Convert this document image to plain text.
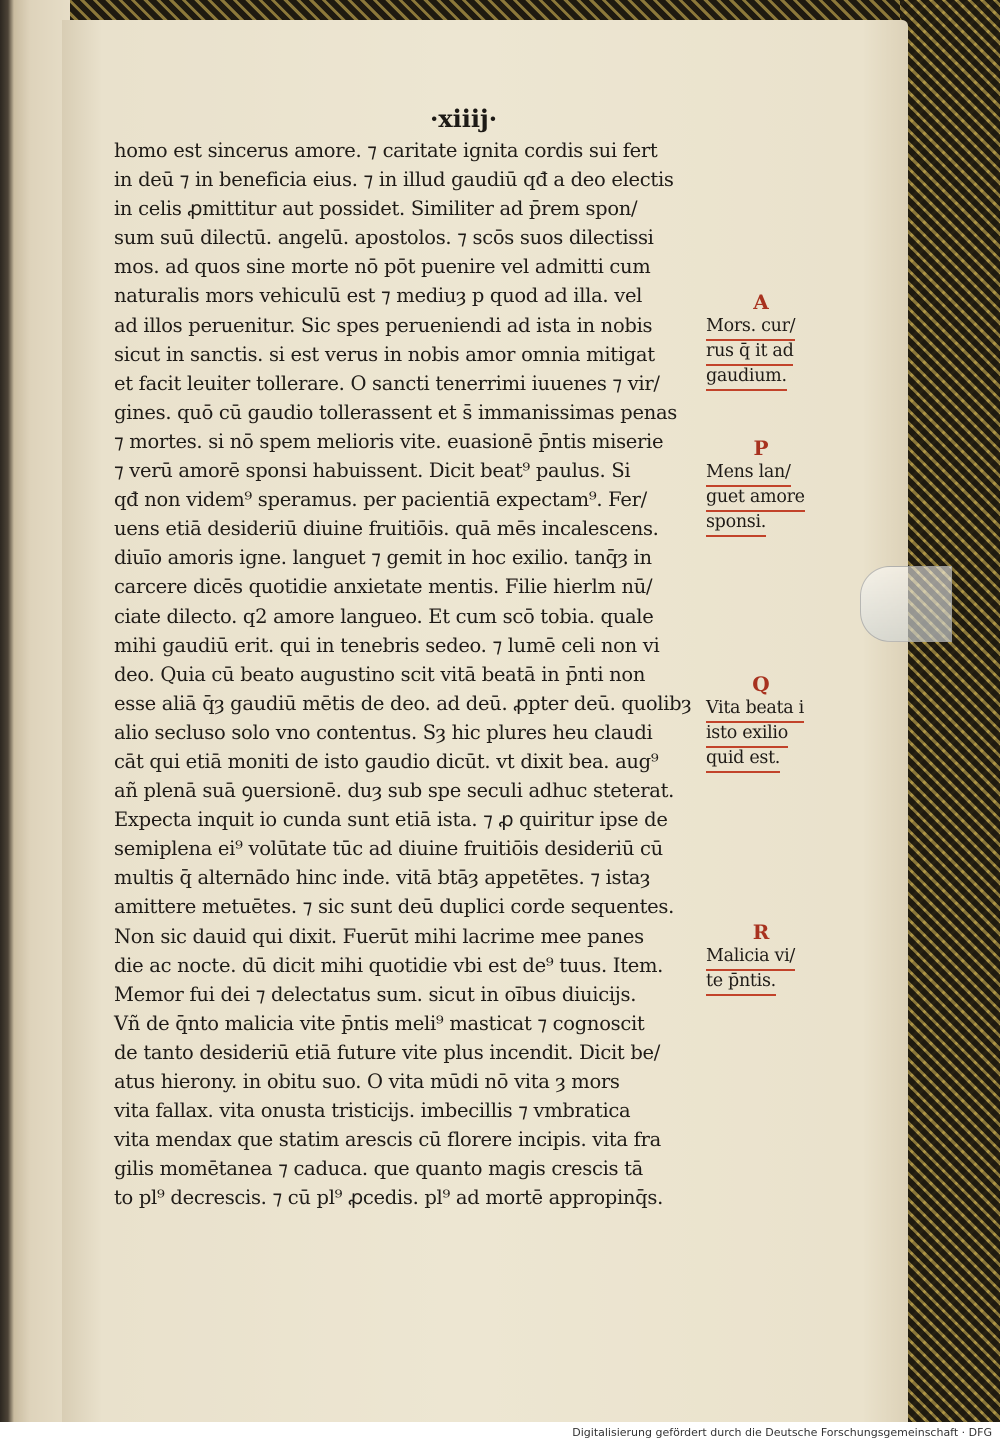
·xiiij·
homo est sincerus amore. ⁊ caritate ignita cordis sui fert
in deū ⁊ in beneficia eius. ⁊ in illud gaudiū qđ a deo electis
in celis ꝓmittitur aut possidet. Similiter ad p̄rem spon/
sum suū dilectū. angelū. apostolos. ⁊ scōs suos dilectissi
mos. ad quos sine morte nō pōt puenire vel admitti cum
naturalis mors vehiculū est ⁊ mediuȝ p quod ad illa. vel
ad illos peruenitur. Sic spes perueniendi ad ista in nobis
sicut in sanctis. si est verus in nobis amor omnia mitigat
et facit leuiter tollerare. O sancti tenerrimi iuuenes ⁊ vir/
gines. quō cū gaudio tollerassent et s̄ immanissimas penas
⁊ mortes. si nō spem melioris vite. euasionē p̄ntis miserie
⁊ verū amorē sponsi habuissent. Dicit beat⁹ paulus. Si
qđ non videm⁹ speramus. per pacientiā expectam⁹. Fer/
uens etiā desideriū diuine fruitiōis. quā mēs incalescens.
diuīo amoris igne. languet ⁊ gemit in hoc exilio. tanq̄ȝ in
carcere dicēs quotidie anxietate mentis. Filie hierlm nū/
ciate dilecto. q2 amore langueo. Et cum scō tobia. quale
mihi gaudiū erit. qui in tenebris sedeo. ⁊ lumē celi non vi
deo. Quia cū beato augustino scit vitā beatā in p̄nti non
esse aliā q̄ȝ gaudiū mētis de deo. ad deū. ꝓpter deū. quolibȝ
alio secluso solo vno contentus. Sȝ hic plures heu claudi
cāt qui etiā moniti de isto gaudio dicūt. vt dixit bea. aug⁹
añ plenā suā ꝯuersionē. duȝ sub spe seculi adhuc steterat.
Expecta inquit io cunda sunt etiā ista. ⁊ ꝓ quiritur ipse de
semiplena ei⁹ volūtate tūc ad diuine fruitiōis desideriū cū
multis q̄ alternādo hinc inde. vitā btāȝ appetētes. ⁊ istaȝ
amittere metuētes. ⁊ sic sunt deū duplici corde sequentes.
Non sic dauid qui dixit. Fuerūt mihi lacrime mee panes
die ac nocte. dū dicit mihi quotidie vbi est de⁹ tuus. Item.
Memor fui dei ⁊ delectatus sum. sicut in oībus diuicijs.
Vñ de q̄nto malicia vite p̄ntis meli⁹ masticat ⁊ cognoscit
de tanto desideriū etiā future vite plus incendit. Dicit be/
atus hierony. in obitu suo. O vita mūdi nō vita ȝ mors
vita fallax. vita onusta tristicijs. imbecillis ⁊ vmbratica
vita mendax que statim arescis cū florere incipis. vita fra
gilis momētanea ⁊ caduca. que quanto magis crescis tā
to pl⁹ decrescis. ⁊ cū pl⁹ ꝓcedis. pl⁹ ad mortē appropinq̄s.
A
Mors. cur/
rus q̄ it ad
gaudium.
P
Mens lan/
guet amore
sponsi.
Q
Vita beata i
isto exilio
quid est.
R
Malicia vi/
te p̄ntis.
Digitalisierung gefördert durch die Deutsche Forschungsgemeinschaft · DFG
